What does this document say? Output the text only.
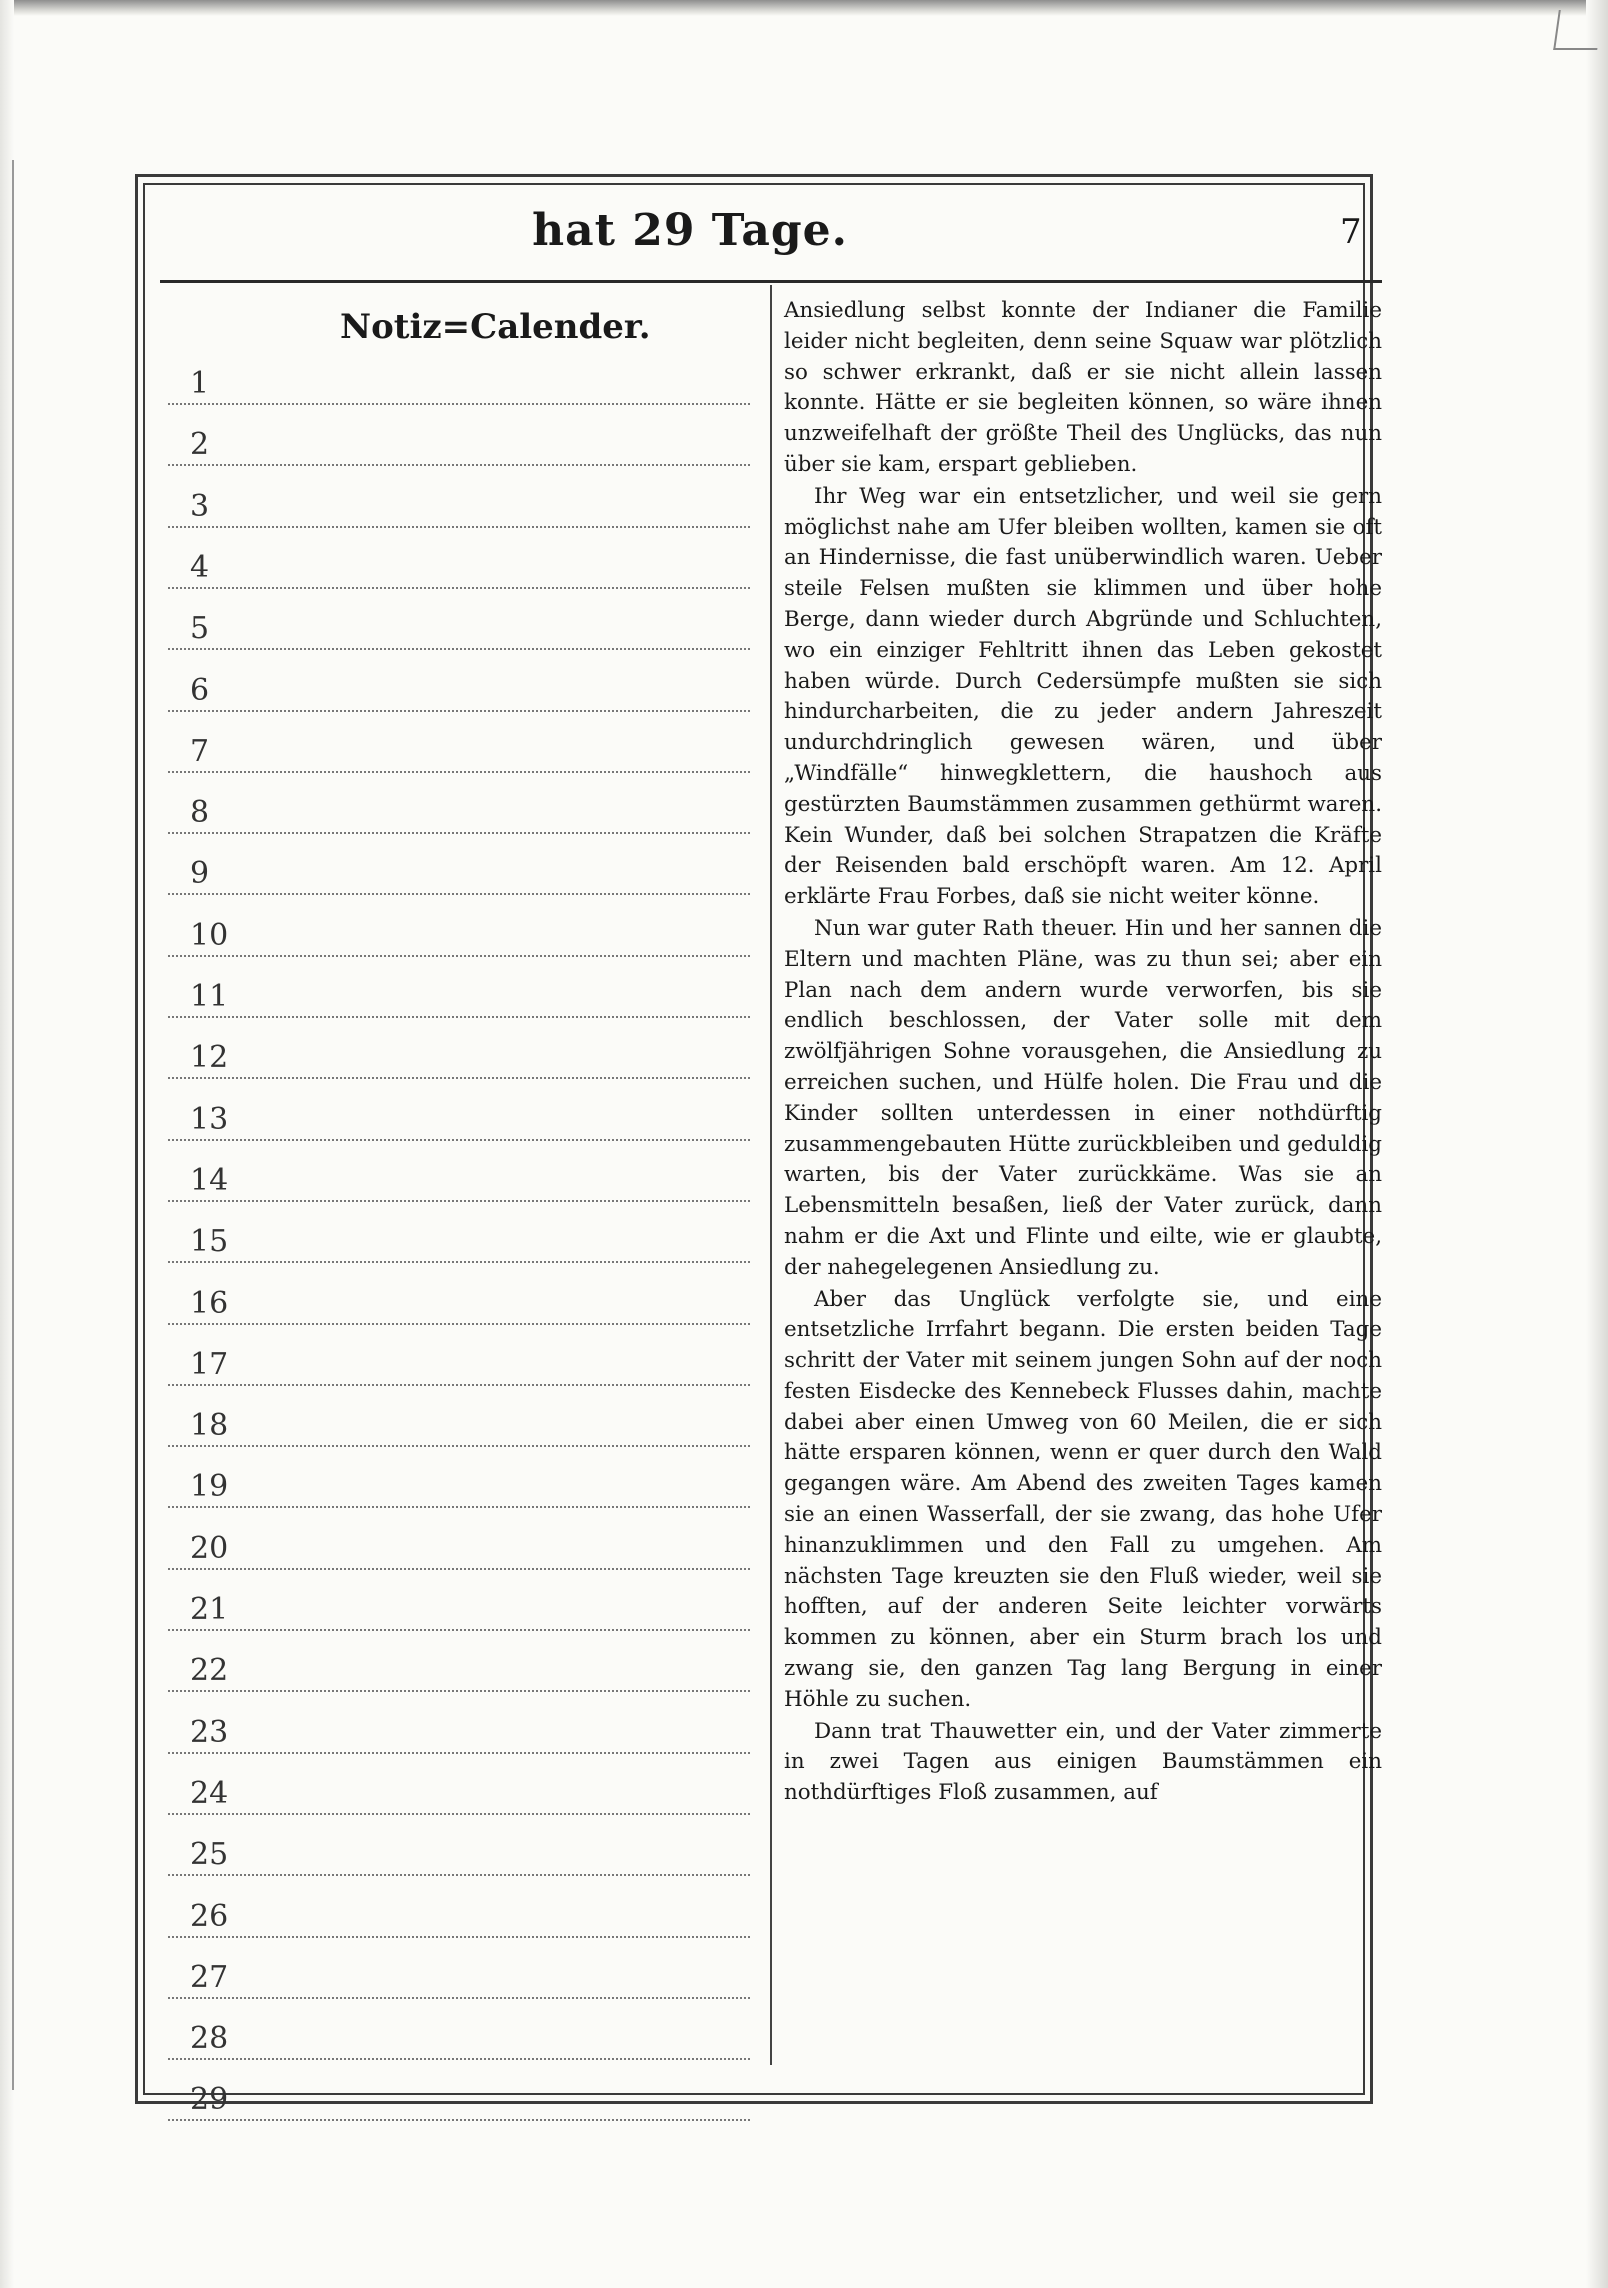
hat 29 Tage.	7
Notiz=Calender.
1
2
3
4
5
6
7
8
9
10
11
12
13
14
15
16
17
18
19
20
21
22
23
24
25
26
27
28
29

Ansiedlung selbst konnte der Indianer die Familie leider nicht begleiten, denn seine Squaw war plötzlich so schwer erkrankt, daß er sie nicht allein lassen konnte. Hätte er sie begleiten können, so wäre ihnen unzweifelhaft der größte Theil des Unglücks, das nun über sie kam, erspart geblieben.

Ihr Weg war ein entsetzlicher, und weil sie gern möglichst nahe am Ufer bleiben wollten, kamen sie oft an Hindernisse, die fast unüberwindlich waren. Ueber steile Felsen mußten sie klimmen und über hohe Berge, dann wieder durch Abgründe und Schluchten, wo ein einziger Fehltritt ihnen das Leben gekostet haben würde. Durch Cedersümpfe mußten sie sich hindurcharbeiten, die zu jeder andern Jahreszeit undurchdringlich gewesen wären, und über „Windfälle“ hinwegklettern, die haushoch aus gestürzten Baumstämmen zusammen gethürmt waren. Kein Wunder, daß bei solchen Strapatzen die Kräfte der Reisenden bald erschöpft waren. Am 12. April erklärte Frau Forbes, daß sie nicht weiter könne.

Nun war guter Rath theuer. Hin und her sannen die Eltern und machten Pläne, was zu thun sei; aber ein Plan nach dem andern wurde verworfen, bis sie endlich beschlossen, der Vater solle mit dem zwölfjährigen Sohne vorausgehen, die Ansiedlung zu erreichen suchen, und Hülfe holen. Die Frau und die Kinder sollten unterdessen in einer nothdürftig zusammengebauten Hütte zurückbleiben und geduldig warten, bis der Vater zurückkäme. Was sie an Lebensmitteln besaßen, ließ der Vater zurück, dann nahm er die Axt und Flinte und eilte, wie er glaubte, der nahegelegenen Ansiedlung zu.

Aber das Unglück verfolgte sie, und eine entsetzliche Irrfahrt begann. Die ersten beiden Tage schritt der Vater mit seinem jungen Sohn auf der noch festen Eisdecke des Kennebeck Flusses dahin, machte dabei aber einen Umweg von 60 Meilen, die er sich hätte ersparen können, wenn er quer durch den Wald gegangen wäre. Am Abend des zweiten Tages kamen sie an einen Wasserfall, der sie zwang, das hohe Ufer hinanzuklimmen und den Fall zu umgehen. Am nächsten Tage kreuzten sie den Fluß wieder, weil sie hofften, auf der anderen Seite leichter vorwärts kommen zu können, aber ein Sturm brach los und zwang sie, den ganzen Tag lang Bergung in einer Höhle zu suchen.

Dann trat Thauwetter ein, und der Vater zimmerte in zwei Tagen aus einigen Baumstämmen ein nothdürftiges Floß zusammen, auf
